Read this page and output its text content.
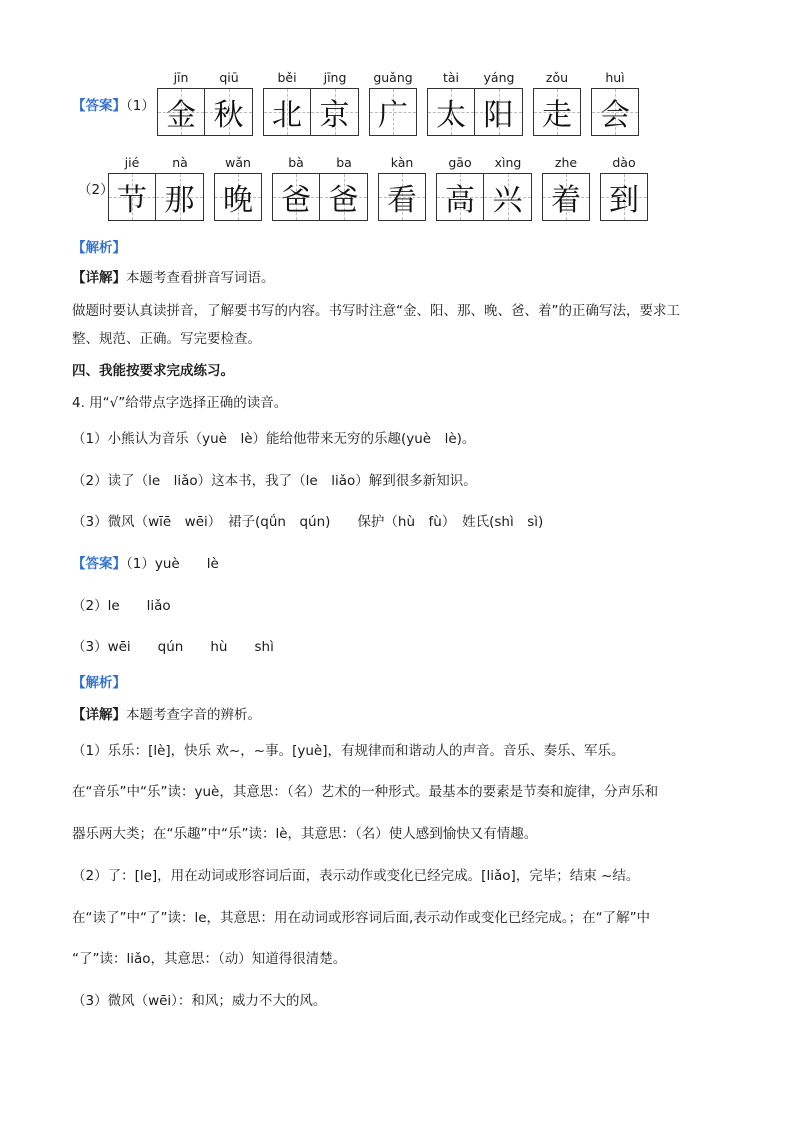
【答案】（1）
jīn
金
qiū
秋
běi
北
jīng
京
guǎng
广
tài
太
yáng
阳
zǒu
走
huì
会
（2）
jié
节
nà
那
wǎn
晚
bà
爸
ba
爸
kàn
看
gāo
高
xìng
兴
zhe
着
dào
到
【解析】
【详解】本题考查看拼音写词语。
做题时要认真读拼音，了解要书写的内容。书写时注意“金、阳、那、晚、爸、着”的正确写法，要求工
整、规范、正确。写完要检查。
四、我能按要求完成练习。
4. 用“√”给带点字选择正确的读音。
（1）小熊认为音乐（yuè　lè）能给他带来无穷的乐趣(yuè　lè)。
（2）读了（le　liǎo）这本书，我了（le　liǎo）解到很多新知识。
（3）微风（wīē　wēi）　裙子(qǘn　qún)　　保护（hù　fù）　姓氏(shì　sì)
【答案】（1）yuè　　lè
（2）le　　liǎo
（3）wēi　　qún　　hù　　shì
【解析】
【详解】本题考查字音的辨析。
（1）乐乐：[lè]，快乐 欢~，~事。[yuè]，有规律而和谐动人的声音。音乐、奏乐、军乐。
在“音乐”中“乐”读：yuè，其意思：（名）艺术的一种形式。最基本的要素是节奏和旋律，分声乐和
器乐两大类；在“乐趣”中“乐”读：lè，其意思：（名）使人感到愉快又有情趣。
（2）了：[le]，用在动词或形容词后面，表示动作或变化已经完成。[liǎo]，完毕；结束 ~结。
在“读了”中“了”读：le，其意思：用在动词或形容词后面,表示动作或变化已经完成。；在“了解”中
“了”读：liǎo，其意思：（动）知道得很清楚。
（3）微风（wēi）：和风；威力不大的风。
